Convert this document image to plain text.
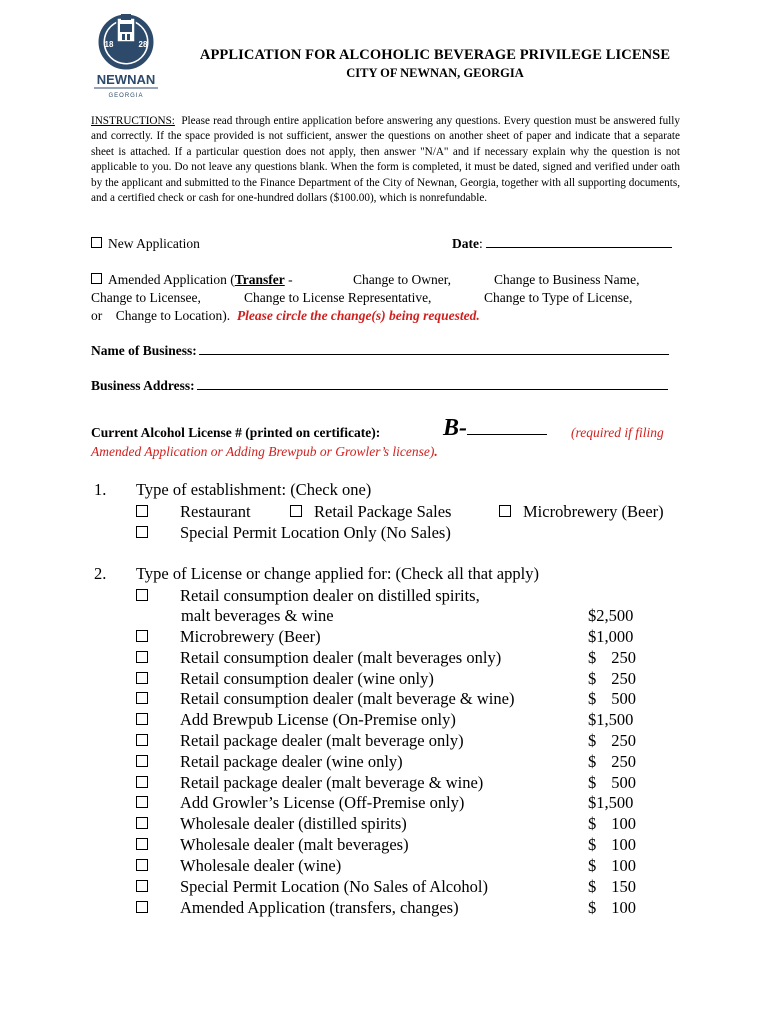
18	28
NEWNAN
GEORGIA
APPLICATION FOR ALCOHOLIC BEVERAGE PRIVILEGE LICENSE
CITY OF NEWNAN, GEORGIA
INSTRUCTIONS: Please read through entire application before answering any questions. Every question must be answered fully and correctly. If the space provided is not sufficient, answer the questions on another sheet of paper and indicate that a separate sheet is attached. If a particular question does not apply, then answer "N/A" and if necessary explain why the question is not applicable to you. Do not leave any questions blank. When the form is completed, it must be dated, signed and verified under oath by the applicant and submitted to the Finance Department of the City of Newnan, Georgia, together with all supporting documents, and a certified check or cash for one-hundred dollars ($100.00), which is nonrefundable.
New Application	Date:
Amended Application (Transfer -	Change to Owner,	Change to Business Name,
Change to Licensee,	Change to License Representative,	Change to Type of License,
or Change to Location). Please circle the change(s) being requested.
Name of Business:
Business Address:
Current Alcohol License # (printed on certificate):	B-	(required if filing
Amended Application or Adding Brewpub or Growler’s license).
1. Type of establishment: (Check one)
Restaurant	Retail Package Sales	Microbrewery (Beer)
Special Permit Location Only (No Sales)
2. Type of License or change applied for: (Check all that apply)
Retail consumption dealer on distilled spirits,
malt beverages & wine	$2,500
Microbrewery (Beer)	$1,000
Retail consumption dealer (malt beverages only)	$ 250
Retail consumption dealer (wine only)	$ 250
Retail consumption dealer (malt beverage & wine)	$ 500
Add Brewpub License (On-Premise only)	$1,500
Retail package dealer (malt beverage only)	$ 250
Retail package dealer (wine only)	$ 250
Retail package dealer (malt beverage & wine)	$ 500
Add Growler’s License (Off-Premise only)	$1,500
Wholesale dealer (distilled spirits)	$ 100
Wholesale dealer (malt beverages)	$ 100
Wholesale dealer (wine)	$ 100
Special Permit Location (No Sales of Alcohol)	$ 150
Amended Application (transfers, changes)	$ 100
